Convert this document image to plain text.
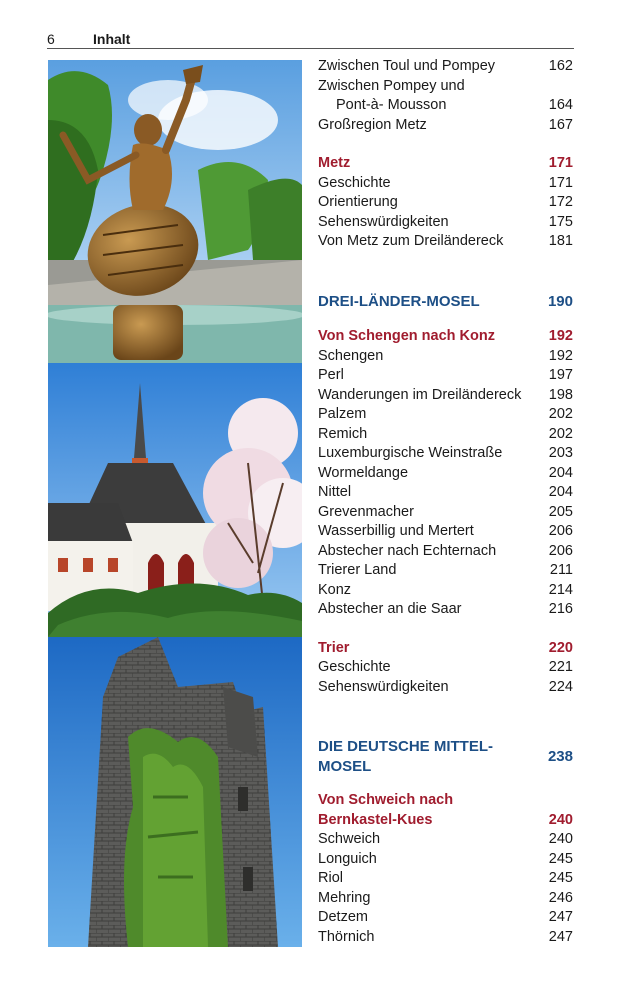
6	Inhalt
Zwischen Toul und Pompey	162
Zwischen Pompey und
Pont-à- Mousson	164
Großregion Metz	167
Metz	171
Geschichte	171
Orientierung	172
Sehenswürdigkeiten	175
Von Metz zum Dreiländereck	181
DREI-LÄNDER-MOSEL	190
Von Schengen nach Konz	192
Schengen	192
Perl	197
Wanderungen im Dreiländereck 198
Palzem	202
Remich	202
Luxemburgische Weinstraße	203
Wormeldange	204
Nittel	204
Grevenmacher	205
Wasserbillig und Mertert	206
Abstecher nach Echternach	206
Trierer Land	211
Konz	214
Abstecher an die Saar	216
Trier	220
Geschichte	221
Sehenswürdigkeiten	224
DIE DEUTSCHE MITTEL-
MOSEL
238
Von Schweich nach
Bernkastel-Kues	240
Schweich	240
Longuich	245
Riol	245
Mehring	246
Detzem	247
Thörnich	247
